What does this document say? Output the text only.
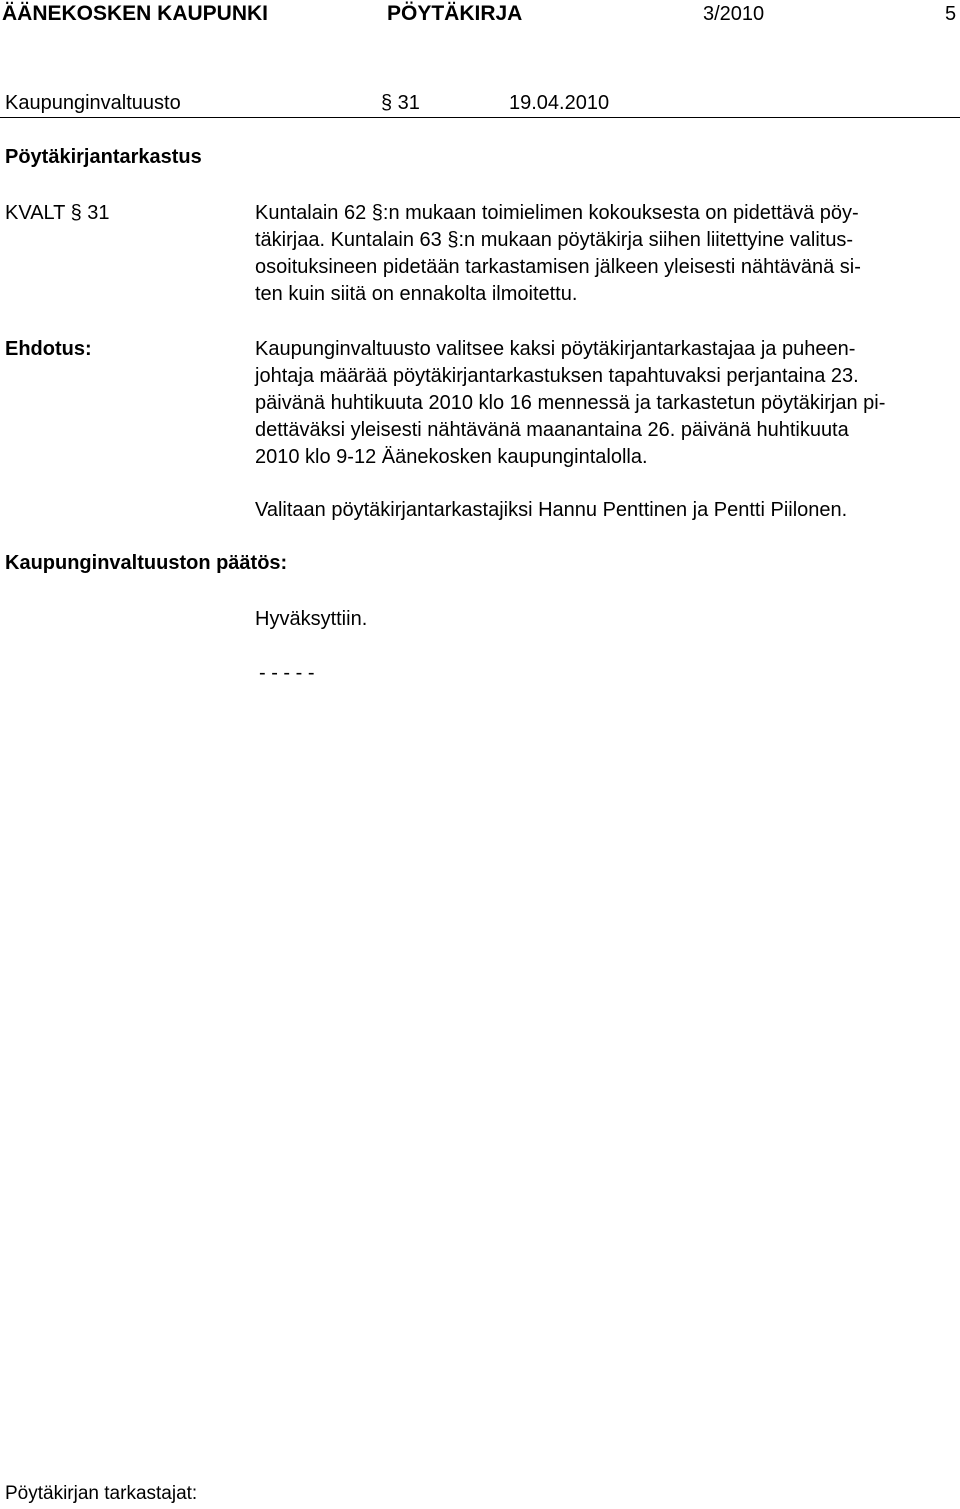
ÄÄNEKOSKEN KAUPUNKI	PÖYTÄKIRJA	3/2010	5
Kaupunginvaltuusto	§ 31	19.04.2010
Pöytäkirjantarkastus
KVALT § 31	Kuntalain 62 §:n mukaan toimielimen kokouksesta on pidettävä pöy-
täkirjaa. Kuntalain 63 §:n mukaan pöytäkirja siihen liitettyine valitus-
osoituksineen pidetään tarkastamisen jälkeen yleisesti nähtävänä si-
ten kuin siitä on ennakolta ilmoitettu.
Ehdotus:	Kaupunginvaltuusto valitsee kaksi pöytäkirjantarkastajaa ja puheen-
johtaja määrää pöytäkirjantarkastuksen tapahtuvaksi perjantaina 23.
päivänä huhtikuuta 2010 klo 16 mennessä ja tarkastetun pöytäkirjan pi-
dettäväksi yleisesti nähtävänä maanantaina 26. päivänä huhtikuuta
2010 klo 9-12 Äänekosken kaupungintalolla.
Valitaan pöytäkirjantarkastajiksi Hannu Penttinen ja Pentti Piilonen.
Kaupunginvaltuuston päätös:
Hyväksyttiin.
- - - - -
Pöytäkirjan tarkastajat:
